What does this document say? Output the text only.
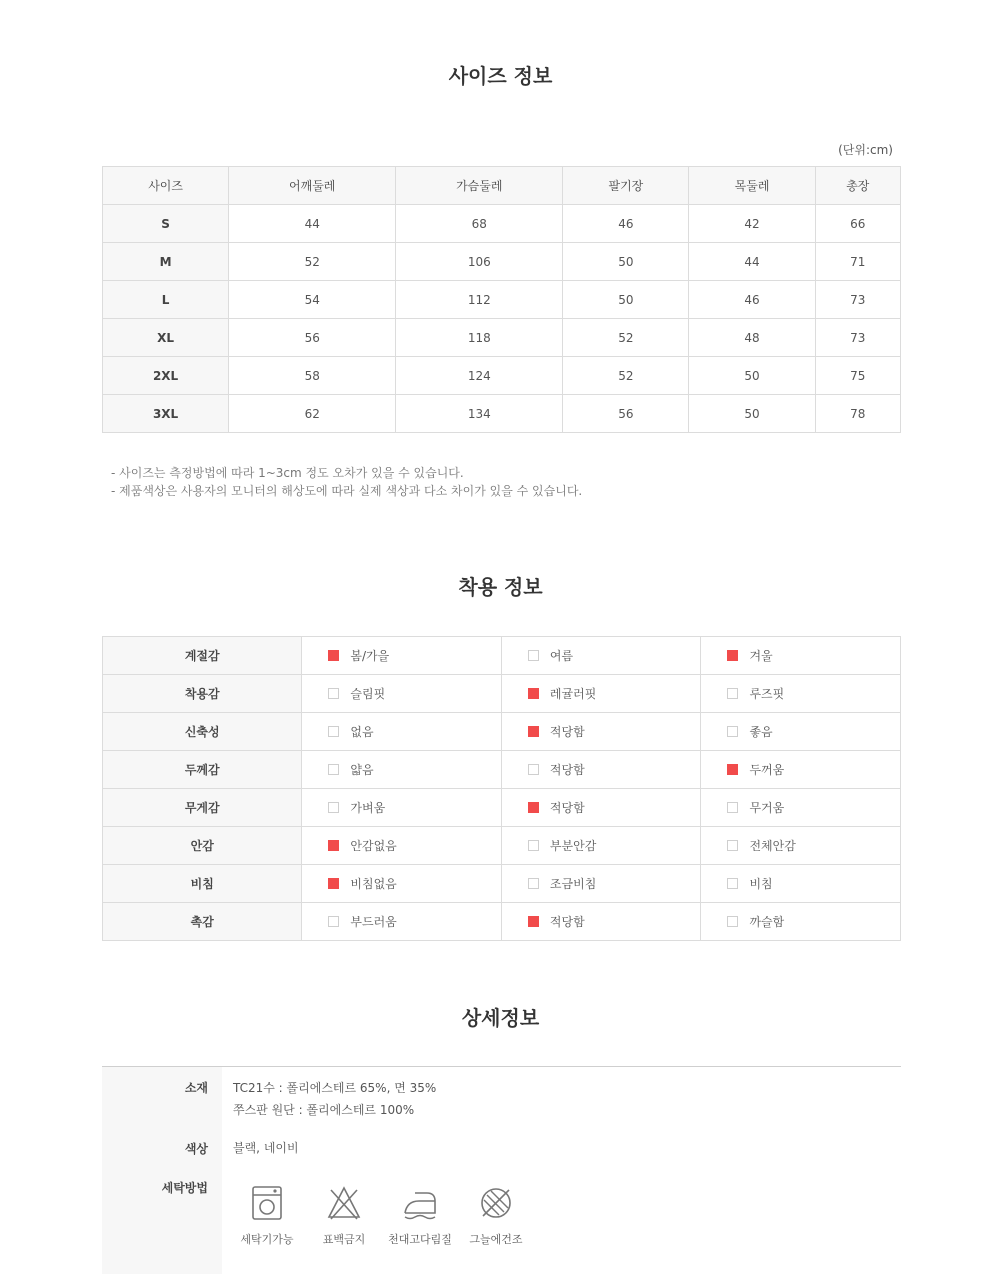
사이즈 정보
(단위:cm)
사이즈	어깨둘레	가슴둘레	팔기장	목둘레	총장
S	44	68	46	42	66
M	52	106	50	44	71
L	54	112	50	46	73
XL	56	118	52	48	73
2XL	58	124	52	50	75
3XL	62	134	56	50	78
- 사이즈는 측정방법에 따라 1~3cm 정도 오차가 있을 수 있습니다.
- 제품색상은 사용자의 모니터의 해상도에 따라 실제 색상과 다소 차이가 있을 수 있습니다.
착용 정보
계절감	봄/가을	여름	겨울
착용감	슬림핏	레귤러핏	루즈핏
신축성	없음	적당함	좋음
두께감	얇음	적당함	두꺼움
무게감	가벼움	적당함	무거움
안감	안감없음	부분안감	전체안감
비침	비침없음	조금비침	비침
촉감	부드러움	적당함	까슬함
상세정보
소재 TC21수 : 폴리에스테르 65%, 면 35%
쭈스판 원단 : 폴리에스테르 100%
색상 블랙, 네이비
세탁방법
세탁기가능	표백금지	천대고다림질	그늘에건조
